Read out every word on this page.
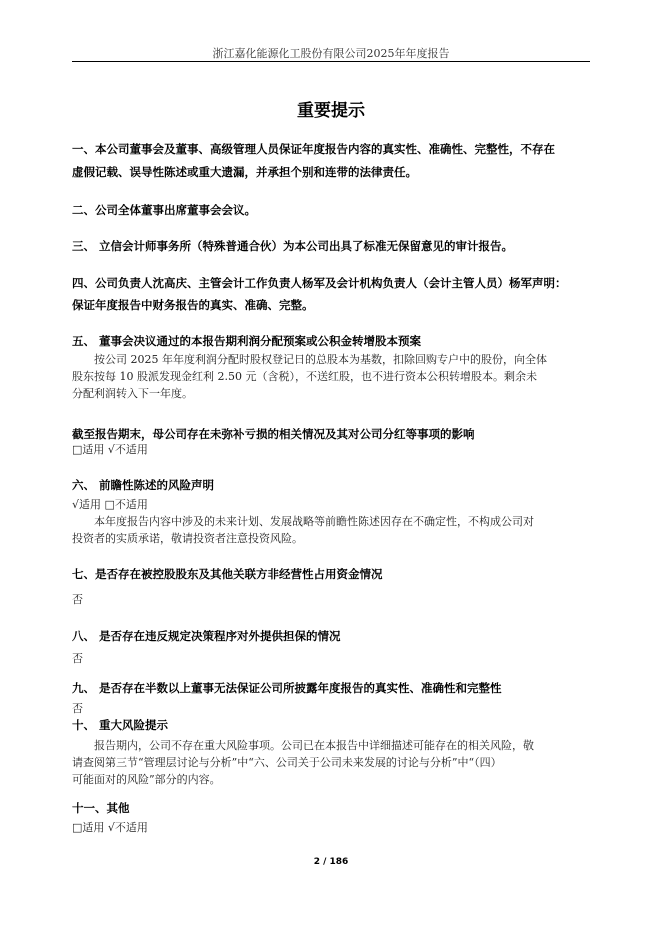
浙江嘉化能源化工股份有限公司2025年年度报告
重要提示
一、本公司董事会及董事、高级管理人员保证年度报告内容的真实性、准确性、完整性，不存在
虚假记载、误导性陈述或重大遗漏，并承担个别和连带的法律责任。
二、公司全体董事出席董事会会议。
三、 立信会计师事务所（特殊普通合伙）为本公司出具了标准无保留意见的审计报告。
四、公司负责人沈高庆、主管会计工作负责人杨军及会计机构负责人（会计主管人员）杨军声明：
保证年度报告中财务报告的真实、准确、完整。
五、 董事会决议通过的本报告期利润分配预案或公积金转增股本预案
按公司 2025 年年度利润分配时股权登记日的总股本为基数，扣除回购专户中的股份，向全体
股东按每 10 股派发现金红利 2.50 元（含税），不送红股，也不进行资本公积转增股本。剩余未
分配利润转入下一年度。
截至报告期末，母公司存在未弥补亏损的相关情况及其对公司分红等事项的影响
□适用 √不适用
六、 前瞻性陈述的风险声明
√适用 □不适用
本年度报告内容中涉及的未来计划、发展战略等前瞻性陈述因存在不确定性，不构成公司对
投资者的实质承诺，敬请投资者注意投资风险。
七、是否存在被控股股东及其他关联方非经营性占用资金情况
否
八、 是否存在违反规定决策程序对外提供担保的情况
否
九、 是否存在半数以上董事无法保证公司所披露年度报告的真实性、准确性和完整性
否
十、 重大风险提示
报告期内，公司不存在重大风险事项。公司已在本报告中详细描述可能存在的相关风险，敬
请查阅第三节“管理层讨论与分析”中“六、公司关于公司未来发展的讨论与分析”中“（四）
可能面对的风险”部分的内容。
十一、其他
□适用 √不适用
2 / 186
